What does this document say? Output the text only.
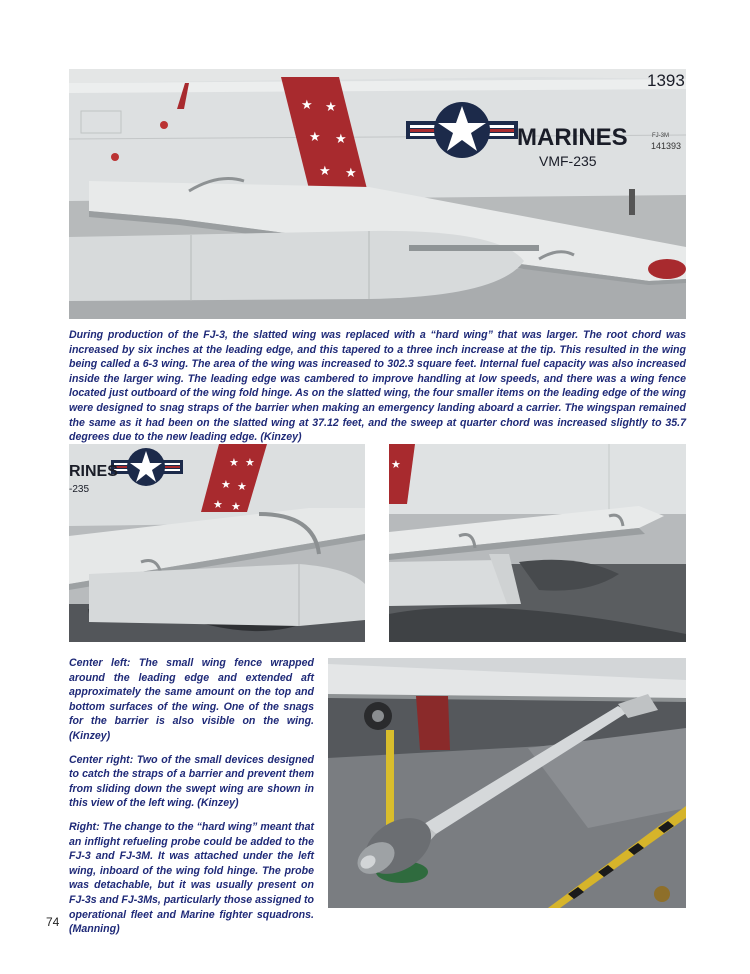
★ ★
★ ★
★ ★
MARINES
VMF-235
FJ-3M
141393
1393

During production of the FJ-3, the slatted wing was replaced with a “hard wing” that was larger. The root chord was increased by six inches at the leading edge, and this tapered to a three inch increase at the tip. This resulted in the wing being called a 6-3 wing. The area of the wing was increased to 302.3 square feet. Internal fuel capacity was also increased inside the larger wing. The leading edge was cambered to improve handling at low speeds, and there was a wing fence located just outboard of the wing fold hinge. As on the slatted wing, the four smaller items on the leading edge of the wing were designed to snag straps of the barrier when making an emergency landing aboard a carrier. The wingspan remained the same as it had been on the slatted wing at 37.12 feet, and the sweep at quarter chord was increased slightly to 35.7 degrees due to the new leading edge. (Kinzey)

★ ★
★ ★
★ ★
RINES
-235
★

Center left: The small wing fence wrapped around the leading edge and extended aft approximately the same amount on the top and bottom surfaces of the wing. One of the snags for the barrier is also visible on the wing. (Kinzey)

Center right: Two of the small devices designed to catch the straps of a barrier and prevent them from sliding down the swept wing are shown in this view of the left wing. (Kinzey)

Right: The change to the “hard wing” meant that an inflight refueling probe could be added to the FJ-3 and FJ-3M. It was attached under the left wing, inboard of the wing fold hinge. The probe was detachable, but it was usually present on FJ-3s and FJ-3Ms, particularly those assigned to operational fleet and Marine fighter squadrons. (Manning)

74
